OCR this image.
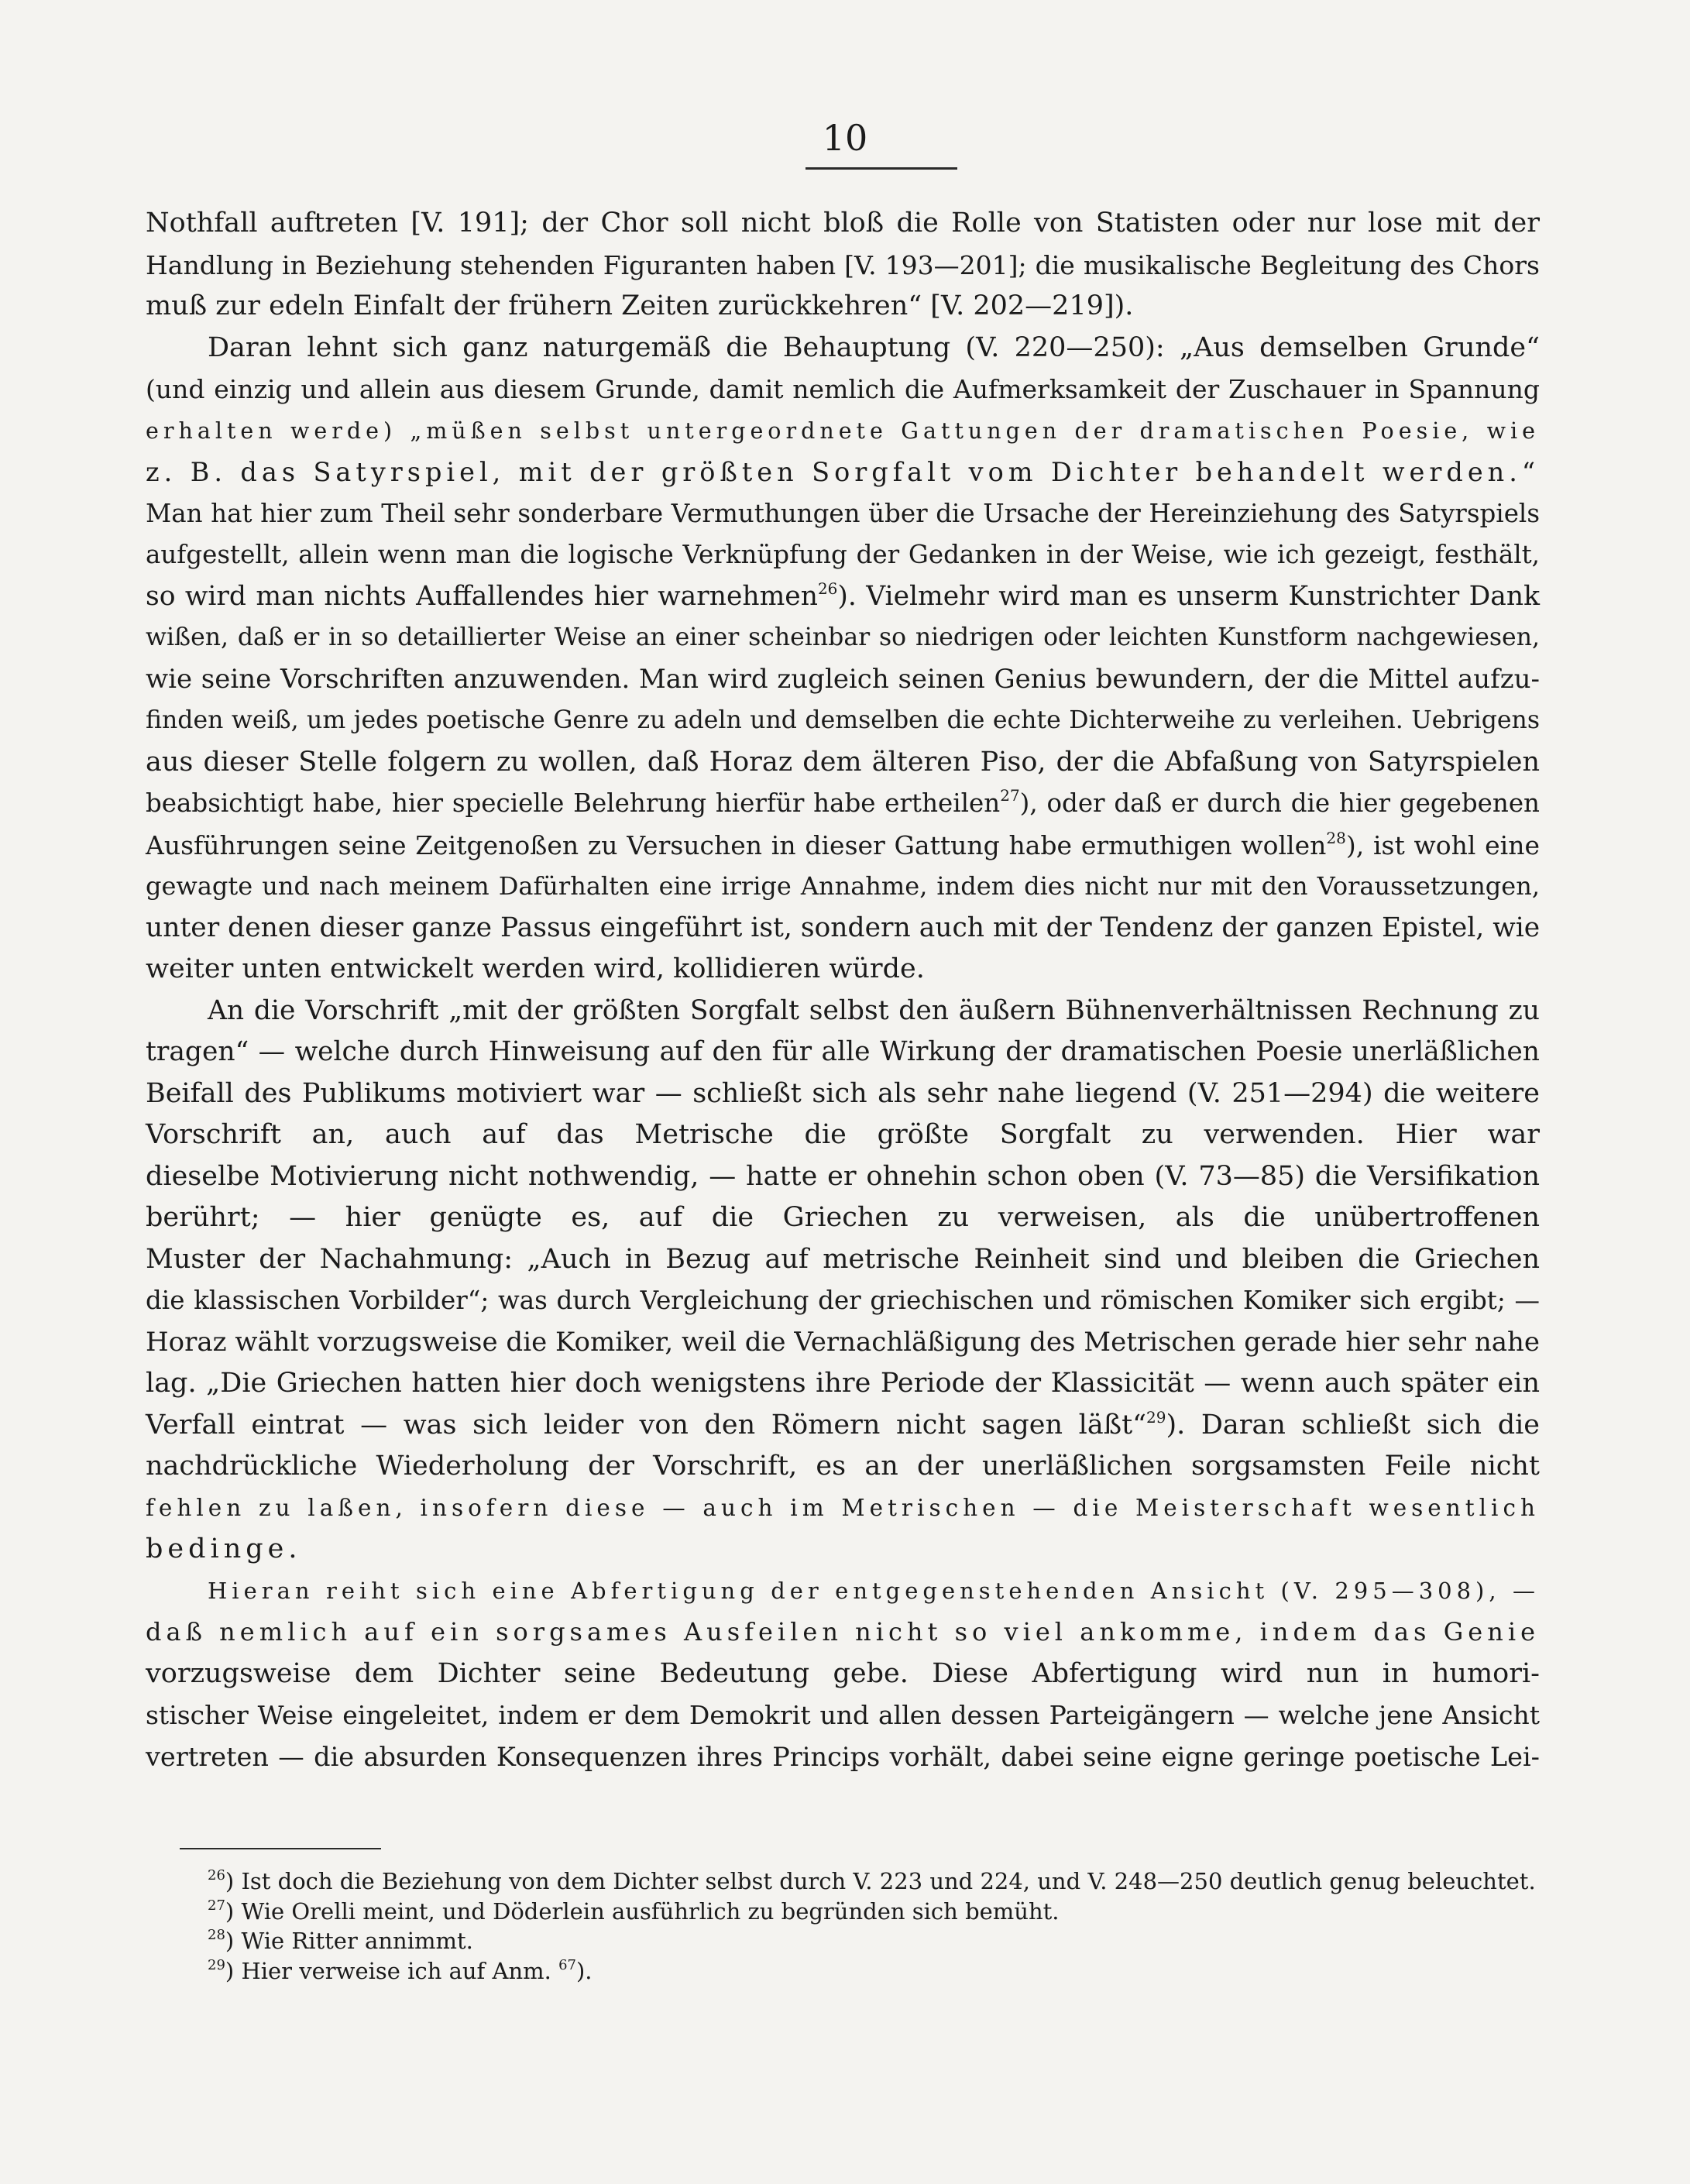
10
Nothfall auftreten [V. 191]; der Chor soll nicht bloß die Rolle von Statisten oder nur lose mit der
Handlung in Beziehung stehenden Figuranten haben [V. 193—201]; die musikalische Begleitung des Chors
muß zur edeln Einfalt der frühern Zeiten zurückkehren“ [V. 202—219]).
Daran lehnt sich ganz naturgemäß die Behauptung (V. 220—250): „Aus demselben Grunde“
(und einzig und allein aus diesem Grunde, damit nemlich die Aufmerksamkeit der Zuschauer in Spannung
erhalten werde) „müßen selbst untergeordnete Gattungen der dramatischen Poesie, wie
z. B. das Satyrspiel, mit der größten Sorgfalt vom Dichter behandelt werden.“
Man hat hier zum Theil sehr sonderbare Vermuthungen über die Ursache der Hereinziehung des Satyrspiels
aufgestellt, allein wenn man die logische Verknüpfung der Gedanken in der Weise, wie ich gezeigt, festhält,
so wird man nichts Auffallendes hier warnehmen$^{26}$). Vielmehr wird man es unserm Kunstrichter Dank
wißen, daß er in so detaillierter Weise an einer scheinbar so niedrigen oder leichten Kunstform nachgewiesen,
wie seine Vorschriften anzuwenden. Man wird zugleich seinen Genius bewundern, der die Mittel aufzu-
finden weiß, um jedes poetische Genre zu adeln und demselben die echte Dichterweihe zu verleihen. Uebrigens
aus dieser Stelle folgern zu wollen, daß Horaz dem älteren Piso, der die Abfaßung von Satyrspielen
beabsichtigt habe, hier specielle Belehrung hierfür habe ertheilen$^{27}$), oder daß er durch die hier gegebenen
Ausführungen seine Zeitgenoßen zu Versuchen in dieser Gattung habe ermuthigen wollen$^{28}$), ist wohl eine
gewagte und nach meinem Dafürhalten eine irrige Annahme, indem dies nicht nur mit den Voraussetzungen,
unter denen dieser ganze Passus eingeführt ist, sondern auch mit der Tendenz der ganzen Epistel, wie
weiter unten entwickelt werden wird, kollidieren würde.
An die Vorschrift „mit der größten Sorgfalt selbst den äußern Bühnenverhältnissen Rechnung zu
tragen“ — welche durch Hinweisung auf den für alle Wirkung der dramatischen Poesie unerläßlichen
Beifall des Publikums motiviert war — schließt sich als sehr nahe liegend (V. 251—294) die weitere
Vorschrift an, auch auf das Metrische die größte Sorgfalt zu verwenden. Hier war
dieselbe Motivierung nicht nothwendig, — hatte er ohnehin schon oben (V. 73—85) die Versifikation
berührt; — hier genügte es, auf die Griechen zu verweisen, als die unübertroffenen
Muster der Nachahmung: „Auch in Bezug auf metrische Reinheit sind und bleiben die Griechen
die klassischen Vorbilder“; was durch Vergleichung der griechischen und römischen Komiker sich ergibt; —
Horaz wählt vorzugsweise die Komiker, weil die Vernachläßigung des Metrischen gerade hier sehr nahe
lag. „Die Griechen hatten hier doch wenigstens ihre Periode der Klassicität — wenn auch später ein
Verfall eintrat — was sich leider von den Römern nicht sagen läßt“$^{29}$). Daran schließt sich die
nachdrückliche Wiederholung der Vorschrift, es an der unerläßlichen sorgsamsten Feile nicht
fehlen zu laßen, insofern diese — auch im Metrischen — die Meisterschaft wesentlich
bedinge.
Hieran reiht sich eine Abfertigung der entgegenstehenden Ansicht (V. 295—308), —
daß nemlich auf ein sorgsames Ausfeilen nicht so viel ankomme, indem das Genie
vorzugsweise dem Dichter seine Bedeutung gebe. Diese Abfertigung wird nun in humori-
stischer Weise eingeleitet, indem er dem Demokrit und allen dessen Parteigängern — welche jene Ansicht
vertreten — die absurden Konsequenzen ihres Princips vorhält, dabei seine eigne geringe poetische Lei-
$^{26}$) Ist doch die Beziehung von dem Dichter selbst durch V. 223 und 224, und V. 248—250 deutlich genug beleuchtet.
$^{27}$) Wie Orelli meint, und Döderlein ausführlich zu begründen sich bemüht.
$^{28}$) Wie Ritter annimmt.
$^{29}$) Hier verweise ich auf Anm. $^{67}$).
